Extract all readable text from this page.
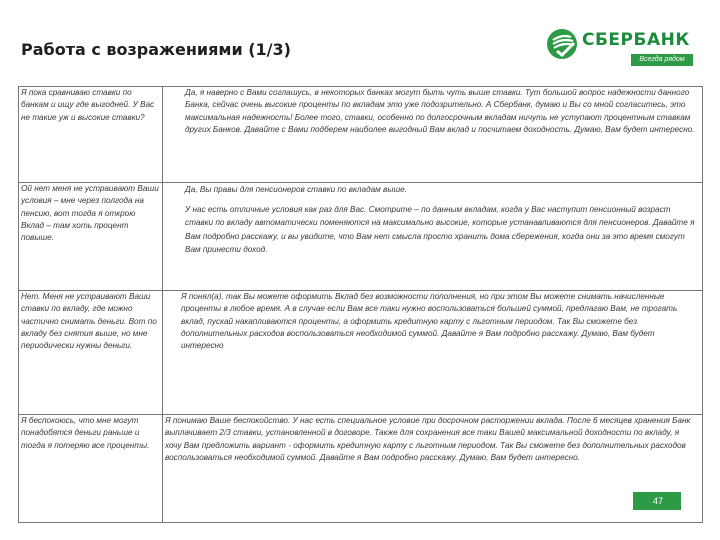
Работа с возражениями (1/3)	СБЕРБАНК
Всегда рядом
Я пока сравниваю ставки по банкам и ищу где выгодней. У Вас не такие уж и высокие ставки?	Да, я наверно с Вами соглашусь, в некоторых банках могут быть чуть выше ставки. Тут большой вопрос надежности данного Банка, сейчас очень высокие проценты по вкладам это уже подозрительно. А Сбербанк, думаю и Вы со мной согласитесь, это максимальная надежность! Более того, ставки, особенно по долгосрочным вкладам ничуть не уступают процентным ставкам других Банков. Давайте с Вами подберем наиболее выгодный Вам вклад и посчитаем доходность. Думаю, Вам будет интересно.

Ой нет меня не устраивают Ваши условия – мне через полгода на пенсию, вот тогда я открою Вклад – там хоть процент повыше.	Да, Вы правы для пенсионеров ставки по вкладам выше.

У нас есть отличные условия как раз для Вас. Смотрите – по данным вкладам, когда у Вас наступит пенсионный возраст ставки по вкладу автоматически поменяются на максимально высокие, которые устанавливаются для пенсионеров. Давайте я Вам подробно расскажу, и вы увидите, что Вам нет смысла просто хранить дома сбережения, когда они за это время смогут Вам принести доход.

Нет. Меня не устраивают Ваши ставки по вкладу, где можно частично снимать деньги. Вот по вкладу без снятия выше, но мне периодически нужны деньги.	Я понял(а), так Вы можете оформить Вклад без возможности пополнения, но при этом Вы можете снимать начисленные проценты в любое время. А в случае если Вам все таки нужно воспользоваться большей суммой, предлагаю Вам, не трогать вклад, пускай накапливаются проценты, а оформить кредитную карту с льготным периодом. Так Вы сможете без дополнительных расходов воспользоваться необходимой суммой. Давайте я Вам подробно расскажу. Думаю, Вам будет интересно

Я беспокоюсь, что мне могут понадобятся деньги раньше и тогда я потеряю все проценты.	Я понимаю Ваше беспокойство. У нас есть специальное условие при досрочном расторжении вклада. После 6 месяцев хранения Банк выплачивает 2/3 ставки, установленной в договоре. Также для сохранения все таки Вашей максимальной доходности по вкладу, я хочу Вам предложить вариант - оформить кредитную карту с льготным периодом. Так Вы сможете без дополнительных расходов воспользоваться необходимой суммой. Давайте я Вам подробно расскажу. Думаю, Вам будет интересно.

47
